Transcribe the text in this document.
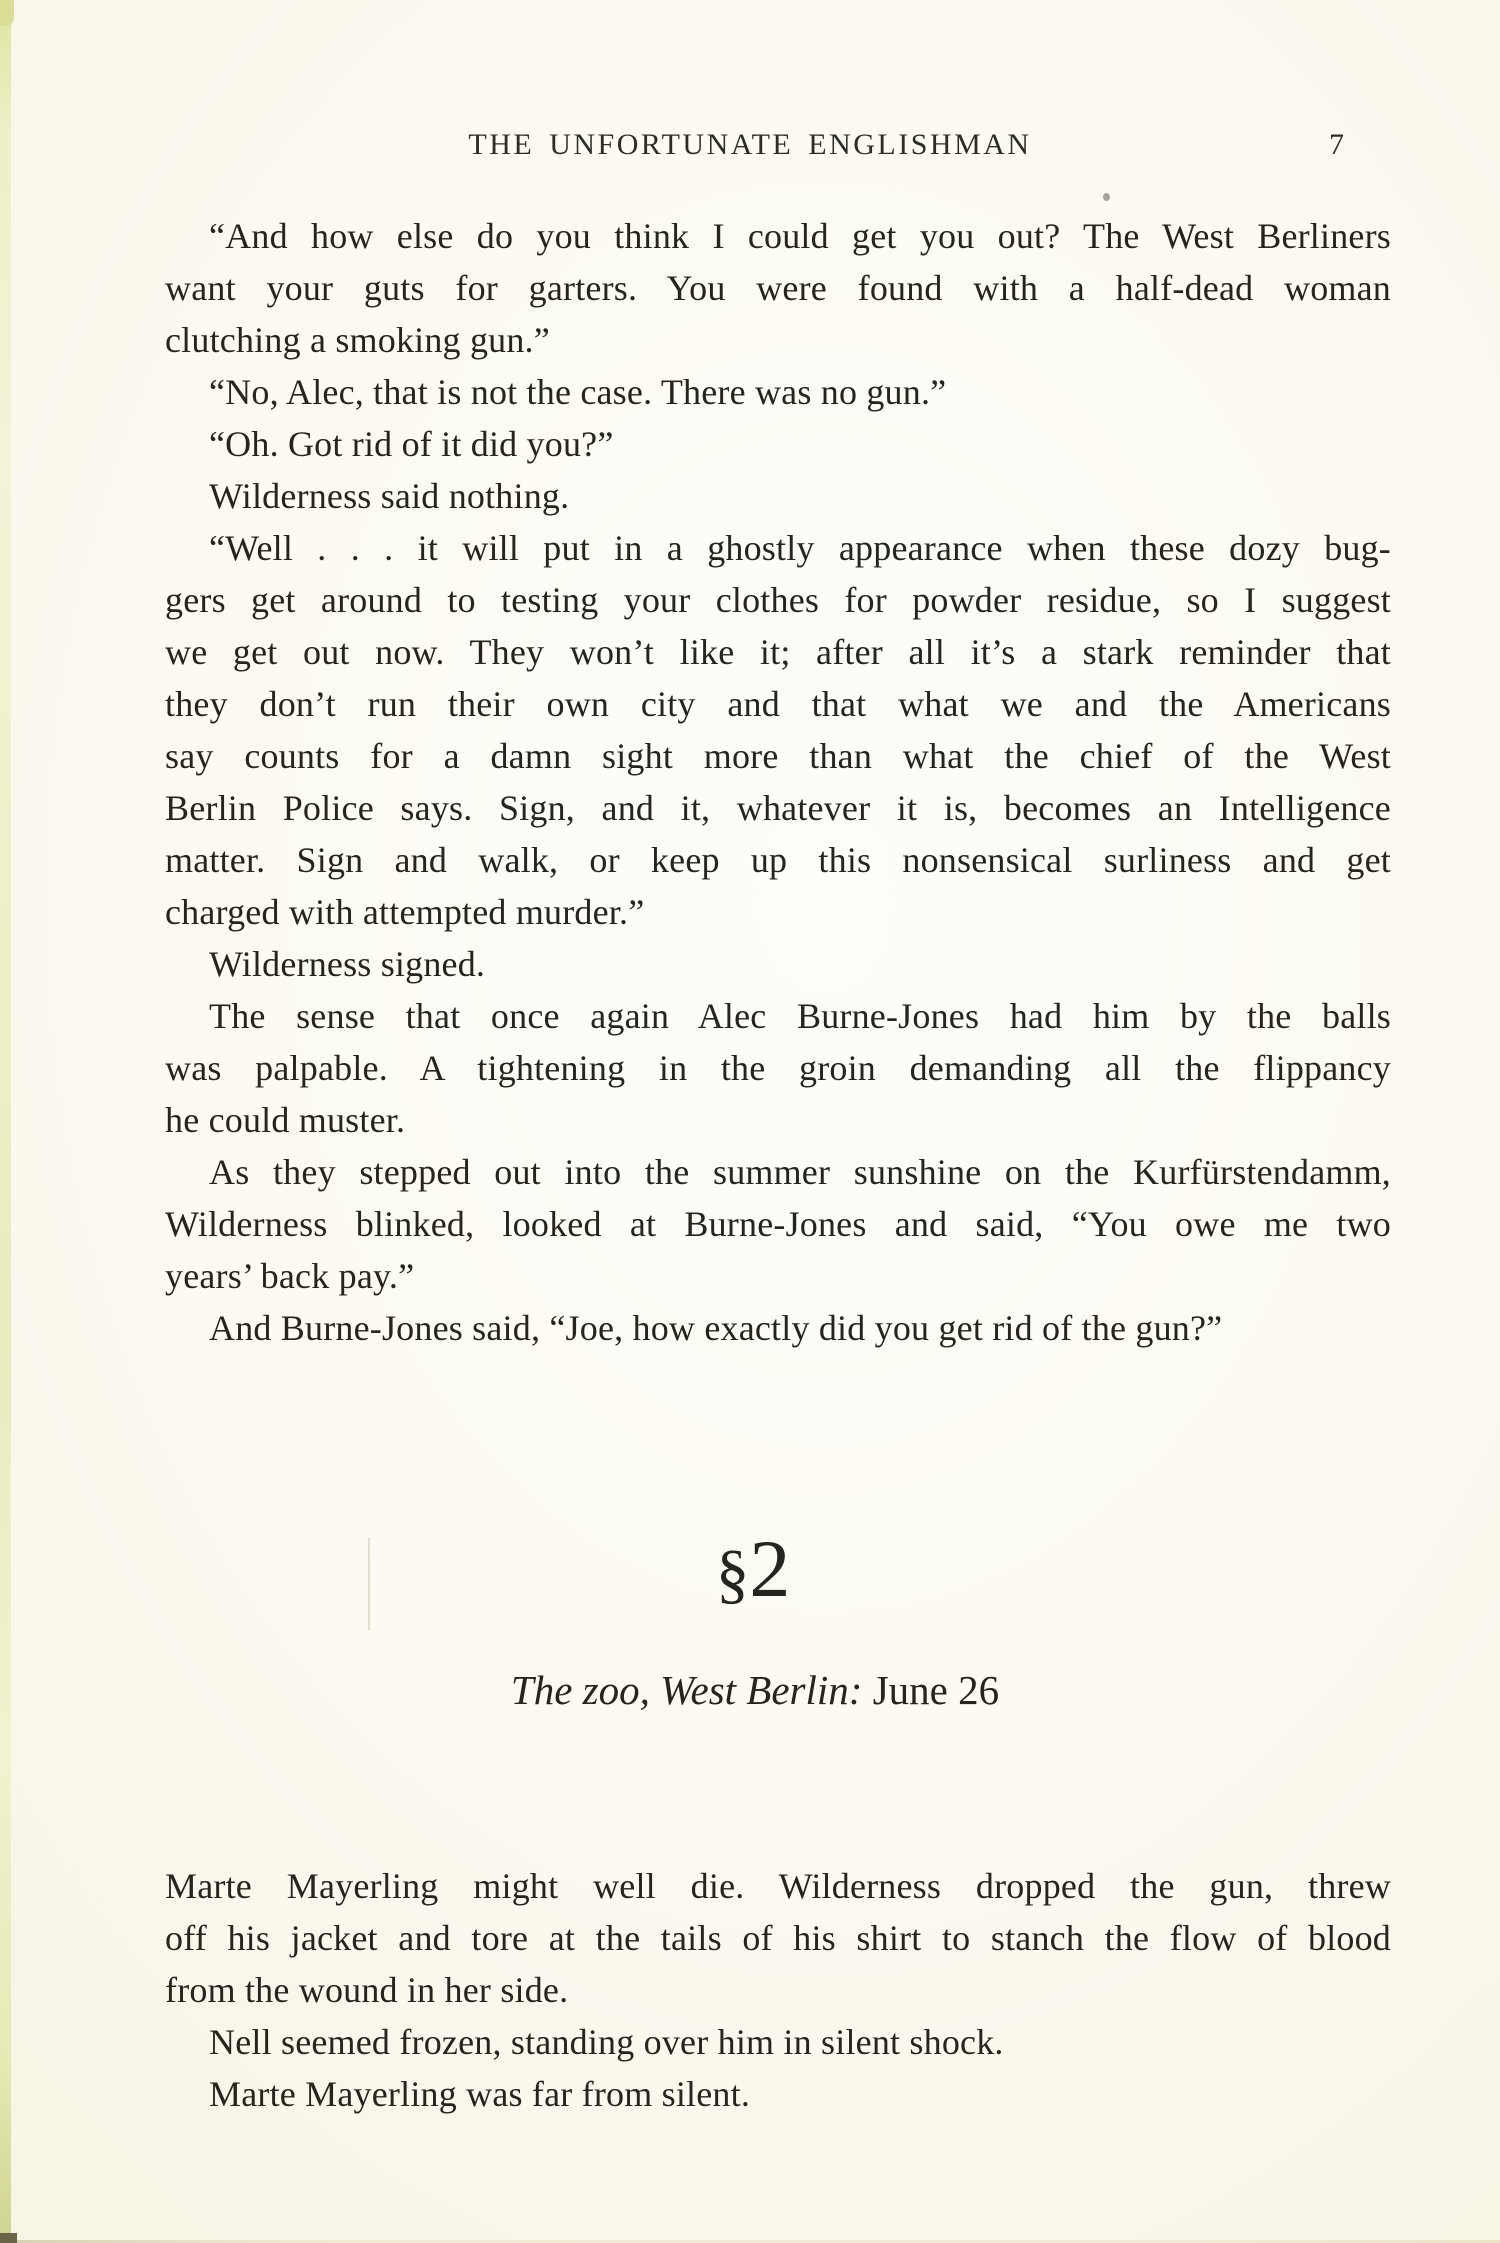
THE UNFORTUNATE ENGLISHMAN	7
“And how else do you think I could get you out? The West Berliners
want your guts for garters. You were found with a half-dead woman
clutching a smoking gun.”
“No, Alec, that is not the case. There was no gun.”
“Oh. Got rid of it did you?”
Wilderness said nothing.
“Well . . . it will put in a ghostly appearance when these dozy bug-
gers get around to testing your clothes for powder residue, so I suggest
we get out now. They won’t like it; after all it’s a stark reminder that
they don’t run their own city and that what we and the Americans
say counts for a damn sight more than what the chief of the West
Berlin Police says. Sign, and it, whatever it is, becomes an Intelligence
matter. Sign and walk, or keep up this nonsensical surliness and get
charged with attempted murder.”
Wilderness signed.
The sense that once again Alec Burne-Jones had him by the balls
was palpable. A tightening in the groin demanding all the flippancy
he could muster.
As they stepped out into the summer sunshine on the Kurfürstendamm,
Wilderness blinked, looked at Burne-Jones and said, “You owe me two
years’ back pay.”
And Burne-Jones said, “Joe, how exactly did you get rid of the gun?”
§2
The zoo, West Berlin: June 26
Marte Mayerling might well die. Wilderness dropped the gun, threw
off his jacket and tore at the tails of his shirt to stanch the flow of blood
from the wound in her side.
Nell seemed frozen, standing over him in silent shock.
Marte Mayerling was far from silent.
